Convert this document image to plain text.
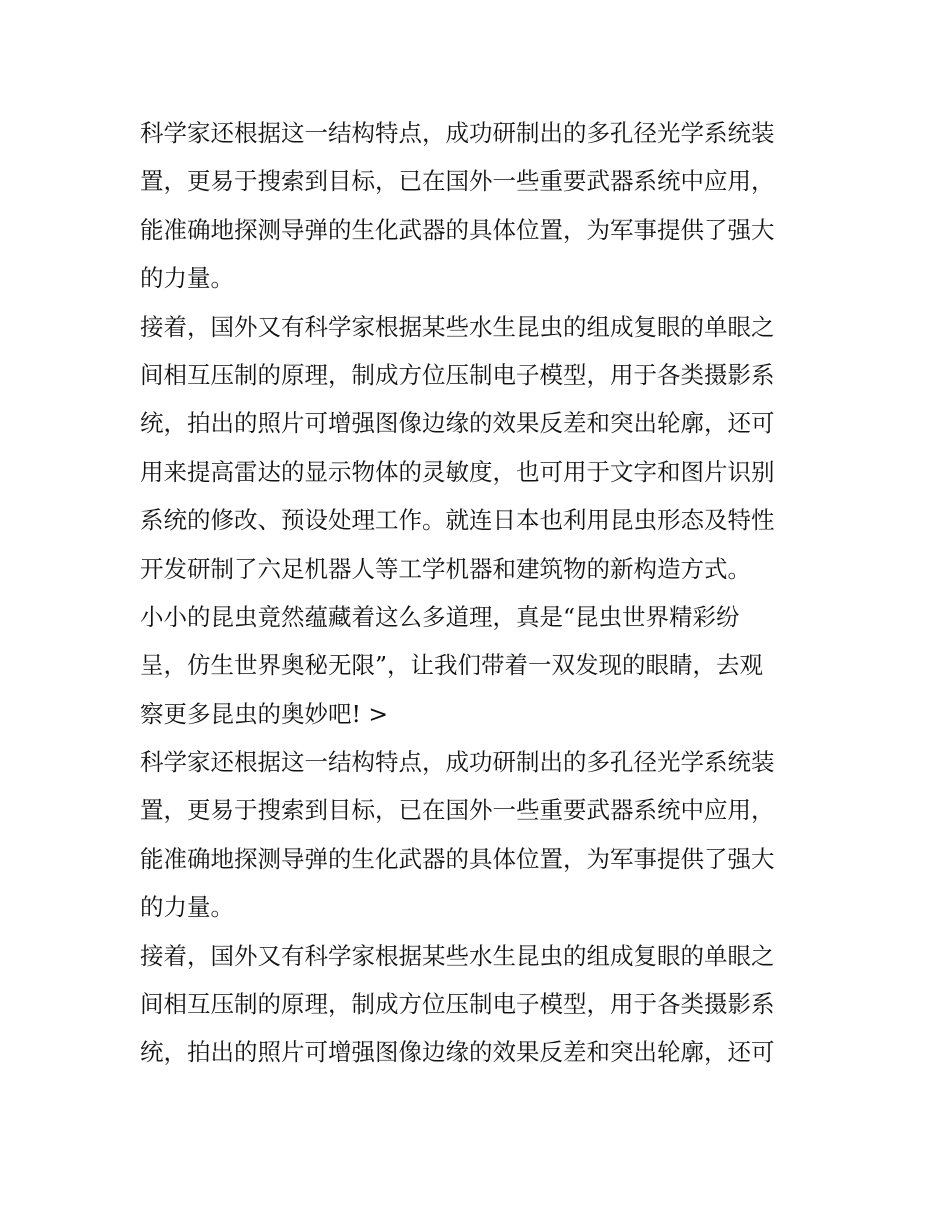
科学家还根据这一结构特点，成功研制出的多孔径光学系统装
置，更易于搜索到目标，已在国外一些重要武器系统中应用，
能准确地探测导弹的生化武器的具体位置，为军事提供了强大
的力量。
接着，国外又有科学家根据某些水生昆虫的组成复眼的单眼之
间相互压制的原理，制成方位压制电子模型，用于各类摄影系
统，拍出的照片可增强图像边缘的效果反差和突出轮廓，还可
用来提高雷达的显示物体的灵敏度，也可用于文字和图片识别
系统的修改、预设处理工作。就连日本也利用昆虫形态及特性
开发研制了六足机器人等工学机器和建筑物的新构造方式。
小小的昆虫竟然蕴藏着这么多道理，真是“昆虫世界精彩纷
呈，仿生世界奥秘无限”，让我们带着一双发现的眼睛，去观
察更多昆虫的奥妙吧! >
科学家还根据这一结构特点，成功研制出的多孔径光学系统装
置，更易于搜索到目标，已在国外一些重要武器系统中应用，
能准确地探测导弹的生化武器的具体位置，为军事提供了强大
的力量。
接着，国外又有科学家根据某些水生昆虫的组成复眼的单眼之
间相互压制的原理，制成方位压制电子模型，用于各类摄影系
统，拍出的照片可增强图像边缘的效果反差和突出轮廓，还可
